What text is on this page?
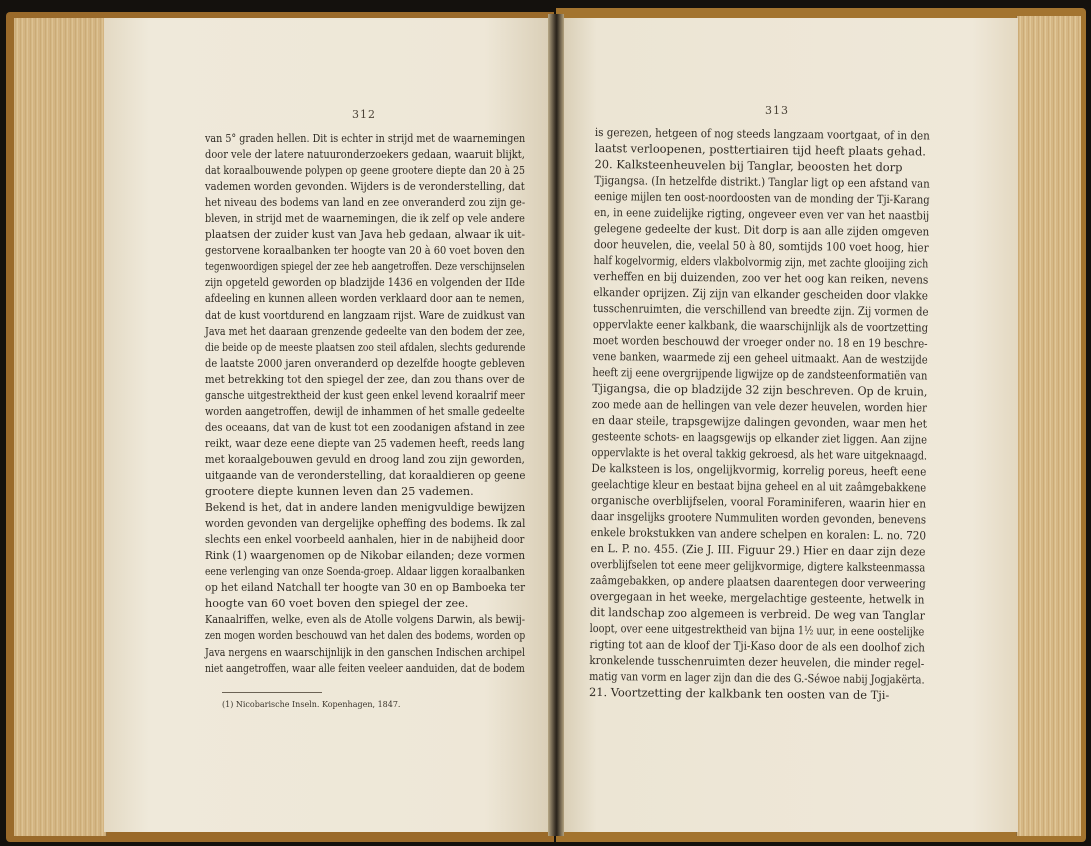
312	313
van 5° graden hellen. Dit is echter in strijd met de waarnemingen
door vele der latere natuuronderzoekers gedaan, waaruit blijkt,
dat koraalbouwende polypen op geene grootere diepte dan 20 à 25
vademen worden gevonden. Wijders is de veronderstelling, dat
het niveau des bodems van land en zee onveranderd zou zijn ge-
bleven, in strijd met de waarnemingen, die ik zelf op vele andere
plaatsen der zuider kust van Java heb gedaan, alwaar ik uit-
gestorvene koraalbanken ter hoogte van 20 à 60 voet boven den
tegenwoordigen spiegel der zee heb aangetroffen. Deze verschijnselen
zijn opgeteld geworden op bladzijde 1436 en volgenden der IIde
afdeeling en kunnen alleen worden verklaard door aan te nemen,
dat de kust voortdurend en langzaam rijst. Ware de zuidkust van
Java met het daaraan grenzende gedeelte van den bodem der zee,
die beide op de meeste plaatsen zoo steil afdalen, slechts gedurende
de laatste 2000 jaren onveranderd op dezelfde hoogte gebleven
met betrekking tot den spiegel der zee, dan zou thans over de
gansche uitgestrektheid der kust geen enkel levend koraalrif meer
worden aangetroffen, dewijl de inhammen of het smalle gedeelte
des oceaans, dat van de kust tot een zoodanigen afstand in zee
reikt, waar deze eene diepte van 25 vademen heeft, reeds lang
met koraalgebouwen gevuld en droog land zou zijn geworden,
uitgaande van de veronderstelling, dat koraaldieren op geene
grootere diepte kunnen leven dan 25 vademen.
Bekend is het, dat in andere landen menigvuldige bewijzen
worden gevonden van dergelijke opheffing des bodems. Ik zal
slechts een enkel voorbeeld aanhalen, hier in de nabijheid door
Rink (1) waargenomen op de Nikobar eilanden; deze vormen
eene verlenging van onze Soenda-groep. Aldaar liggen koraalbanken
op het eiland Natchall ter hoogte van 30 en op Bamboeka ter
hoogte van 60 voet boven den spiegel der zee.
Kanaalriffen, welke, even als de Atolle volgens Darwin, als bewij-
zen mogen worden beschouwd van het dalen des bodems, worden op
Java nergens en waarschijnlijk in den ganschen Indischen archipel
niet aangetroffen, waar alle feiten veeleer aanduiden, dat de bodem
is gerezen, hetgeen of nog steeds langzaam voortgaat, of in den
laatst verloopenen, posttertiairen tijd heeft plaats gehad.
20. Kalksteenheuvelen bij Tanglar, beoosten het dorp
Tjigangsa. (In hetzelfde distrikt.) Tanglar ligt op een afstand van
eenige mijlen ten oost-noordoosten van de monding der Tji-Karang
en, in eene zuidelijke rigting, ongeveer even ver van het naastbij
gelegene gedeelte der kust. Dit dorp is aan alle zijden omgeven
door heuvelen, die, veelal 50 à 80, somtijds 100 voet hoog, hier
half kogelvormig, elders vlakbolvormig zijn, met zachte glooijing zich
verheffen en bij duizenden, zoo ver het oog kan reiken, nevens
elkander oprijzen. Zij zijn van elkander gescheiden door vlakke
tusschenruimten, die verschillend van breedte zijn. Zij vormen de
oppervlakte eener kalkbank, die waarschijnlijk als de voortzetting
moet worden beschouwd der vroeger onder no. 18 en 19 beschre-
vene banken, waarmede zij een geheel uitmaakt. Aan de westzijde
heeft zij eene overgrijpende ligwijze op de zandsteenformatiën van
Tjigangsa, die op bladzijde 32 zijn beschreven. Op de kruin,
zoo mede aan de hellingen van vele dezer heuvelen, worden hier
en daar steile, trapsgewijze dalingen gevonden, waar men het
gesteente schots- en laagsgewijs op elkander ziet liggen. Aan zijne
oppervlakte is het overal takkig gekroesd, als het ware uitgeknaagd.
De kalksteen is los, ongelijkvormig, korrelig poreus, heeft eene
geelachtige kleur en bestaat bijna geheel en al uit zaâmgebakkene
organische overblijfselen, vooral Foraminiferen, waarin hier en
daar insgelijks grootere Nummuliten worden gevonden, benevens
enkele brokstukken van andere schelpen en koralen: L. no. 720
en L. P. no. 455. (Zie J. III. Figuur 29.) Hier en daar zijn deze
overblijfselen tot eene meer gelijkvormige, digtere kalksteenmassa
zaâmgebakken, op andere plaatsen daarentegen door verweering
overgegaan in het weeke, mergelachtige gesteente, hetwelk in
dit landschap zoo algemeen is verbreid. De weg van Tanglar
loopt, over eene uitgestrektheid van bijna 1½ uur, in eene oostelijke
rigting tot aan de kloof der Tji-Kaso door de als een doolhof zich
kronkelende tusschenruimten dezer heuvelen, die minder regel-
matig van vorm en lager zijn dan die des G.-Séwoe nabij Jogjakërta.
21. Voortzetting der kalkbank ten oosten van de Tji-
(1) Nicobarische Inseln. Kopenhagen, 1847.
